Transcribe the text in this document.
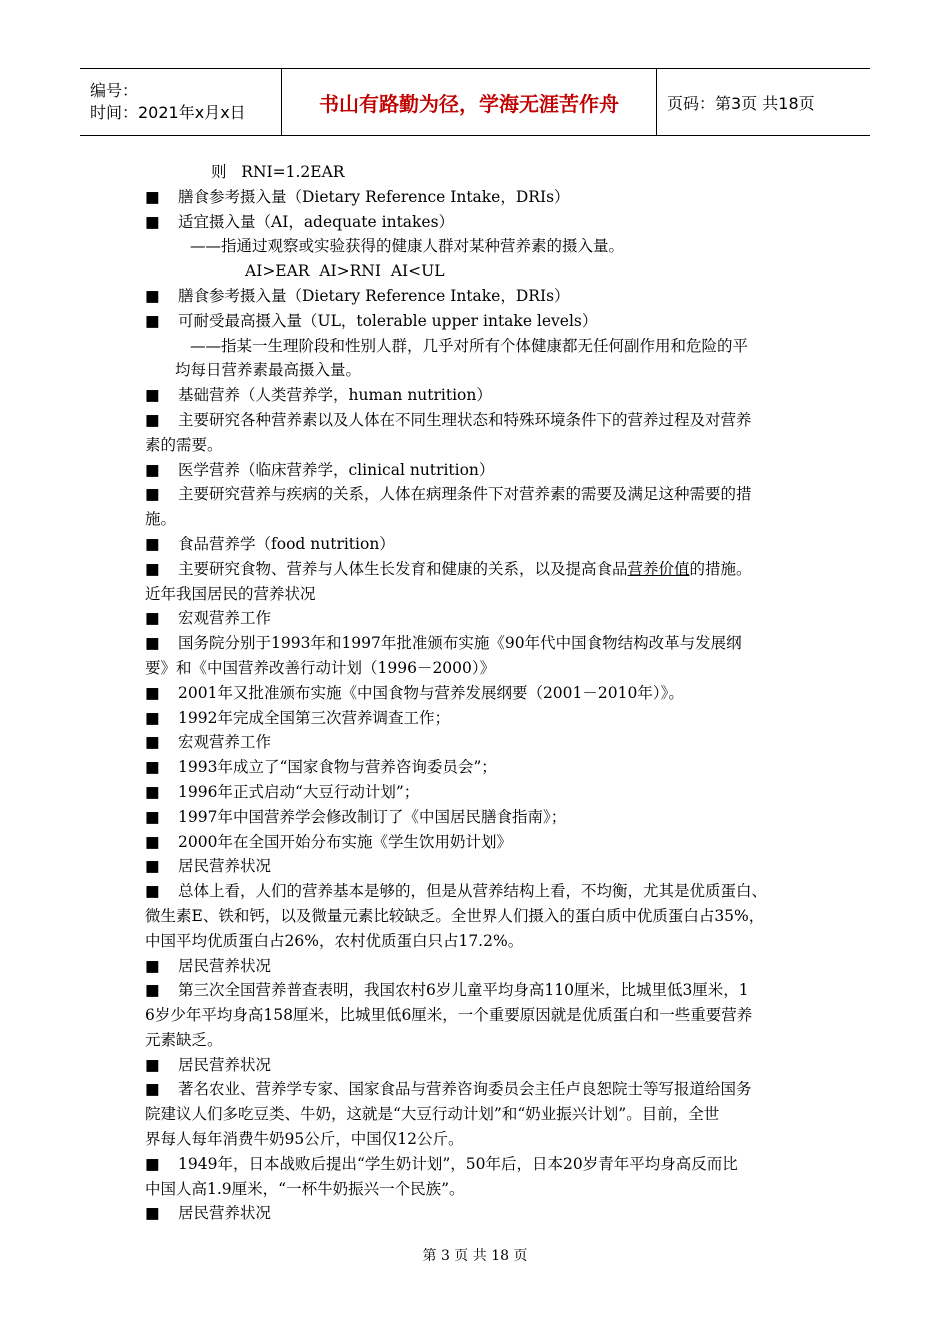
编号：
时间：2021年x月x日	书山有路勤为径，学海无涯苦作舟	页码：第3页 共18页

则   RNI=1.2EAR

■ 膳食参考摄入量（Dietary Reference Intake，DRIs）

■ 适宜摄入量（AI，adequate intakes）

——指通过观察或实验获得的健康人群对某种营养素的摄入量。

AI>EAR  AI>RNI  AI<UL

■ 膳食参考摄入量（Dietary Reference Intake，DRIs）

■ 可耐受最高摄入量（UL，tolerable upper intake levels）

——指某一生理阶段和性别人群，几乎对所有个体健康都无任何副作用和危险的平

均每日营养素最高摄入量。

■ 基础营养（人类营养学，human nutrition）

■ 主要研究各种营养素以及人体在不同生理状态和特殊环境条件下的营养过程及对营养

素的需要。

■ 医学营养（临床营养学，clinical nutrition）

■ 主要研究营养与疾病的关系，人体在病理条件下对营养素的需要及满足这种需要的措

施。

■ 食品营养学（food nutrition）

■ 主要研究食物、营养与人体生长发育和健康的关系，以及提高食品营养价值的措施。

近年我国居民的营养状况

■ 宏观营养工作

■ 国务院分别于1993年和1997年批准颁布实施《90年代中国食物结构改革与发展纲

要》和《中国营养改善行动计划（1996－2000）》

■ 2001年又批准颁布实施《中国食物与营养发展纲要（2001－2010年）》。

■ 1992年完成全国第三次营养调查工作；

■ 宏观营养工作

■ 1993年成立了“国家食物与营养咨询委员会”；

■ 1996年正式启动“大豆行动计划”；

■ 1997年中国营养学会修改制订了《中国居民膳食指南》；

■ 2000年在全国开始分布实施《学生饮用奶计划》

■ 居民营养状况

■ 总体上看，人们的营养基本是够的，但是从营养结构上看，不均衡，尤其是优质蛋白、

微生素E、铁和钙，以及微量元素比较缺乏。全世界人们摄入的蛋白质中优质蛋白占35%，

中国平均优质蛋白占26%，农村优质蛋白只占17.2%。

■ 居民营养状况

■ 第三次全国营养普查表明，我国农村6岁儿童平均身高110厘米，比城里低3厘米，1

6岁少年平均身高158厘米，比城里低6厘米，一个重要原因就是优质蛋白和一些重要营养

元素缺乏。

■ 居民营养状况

■ 著名农业、营养学专家、国家食品与营养咨询委员会主任卢良恕院士等写报道给国务

院建议人们多吃豆类、牛奶，这就是“大豆行动计划”和“奶业振兴计划”。目前，全世

界每人每年消费牛奶95公斤，中国仅12公斤。

■ 1949年，日本战败后提出“学生奶计划”，50年后，日本20岁青年平均身高反而比

中国人高1.9厘米，“一杯牛奶振兴一个民族”。

■ 居民营养状况

第 3 页 共 18 页
